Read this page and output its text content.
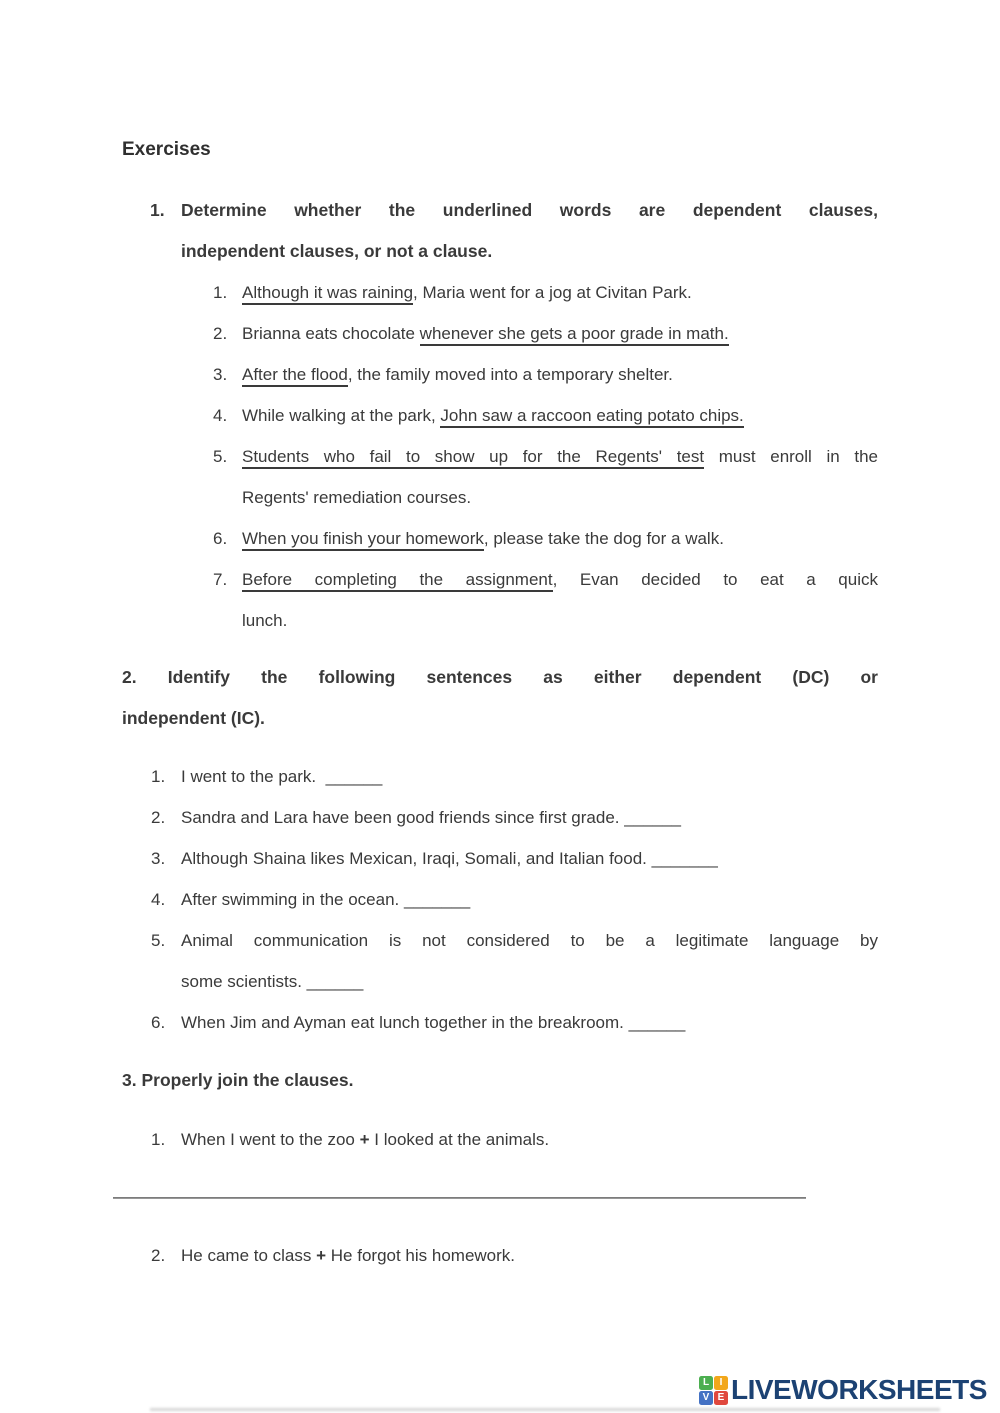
Exercises
1. Determine whether the underlined words are dependent clauses,
independent clauses, or not a clause.
1. Although it was raining, Maria went for a jog at Civitan Park.
2. Brianna eats chocolate whenever she gets a poor grade in math.
3. After the flood, the family moved into a temporary shelter.
4. While walking at the park, John saw a raccoon eating potato chips.
5. Students who fail to show up for the Regents' test must enroll in the
Regents' remediation courses.
6. When you finish your homework, please take the dog for a walk.
7. Before completing the assignment, Evan decided to eat a quick
lunch.
2. Identify the following sentences as either dependent (DC) or
independent (IC).
1. I went to the park.  ______
2. Sandra and Lara have been good friends since first grade. ______
3. Although Shaina likes Mexican, Iraqi, Somali, and Italian food. _______
4. After swimming in the ocean. _______
5. Animal communication is not considered to be a legitimate language by
some scientists. ______
6. When Jim and Ayman eat lunch together in the breakroom. ______
3. Properly join the clauses.
1. When I went to the zoo + I looked at the animals.
——————————————————————————————————————————
2. He came to class + He forgot his homework.
L	I
V E LIVEWORKSHEETS
